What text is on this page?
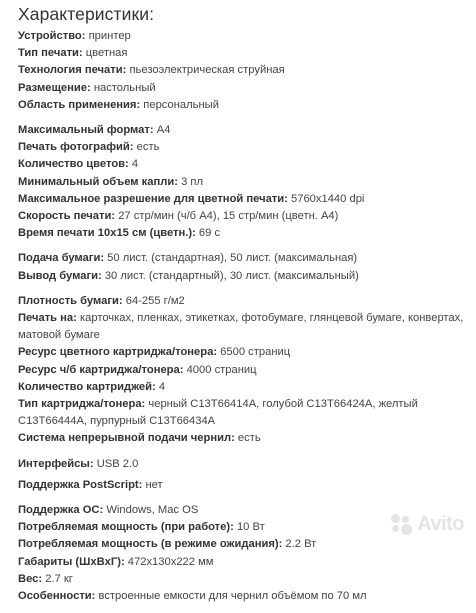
Характеристики:
Устройство: принтер
Тип печати: цветная
Технология печати: пьезоэлектрическая струйная
Размещение: настольный
Область применения: персональный
Максимальный формат: A4
Печать фотографий: есть
Количество цветов: 4
Минимальный объем капли: 3 пл
Максимальное разрешение для цветной печати: 5760x1440 dpi
Скорость печати: 27 стр/мин (ч/б А4), 15 стр/мин (цветн. А4)
Время печати 10x15 см (цветн.): 69 с
Подача бумаги: 50 лист. (стандартная), 50 лист. (максимальная)
Вывод бумаги: 30 лист. (стандартный), 30 лист. (максимальный)
Плотность бумаги: 64-255 г/м2
Печать на: карточках, пленках, этикетках, фотобумаге, глянцевой бумаге, конвертах, матовой бумаге
Ресурс цветного картриджа/тонера: 6500 страниц
Ресурс ч/б картриджа/тонера: 4000 страниц
Количество картриджей: 4
Тип картриджа/тонера: черный C13T66414A, голубой C13T66424A, желтый C13T66444A, пурпурный C13T66434A
Система непрерывной подачи чернил: есть
Интерфейсы: USB 2.0
Поддержка PostScript: нет
Поддержка ОС: Windows, Mac OS
Потребляемая мощность (при работе): 10 Вт
Потребляемая мощность (в режиме ожидания): 2.2 Вт
Габариты (ШxВxГ): 472x130x222 мм
Вес: 2.7 кг
Особенности: встроенные емкости для чернил объёмом по 70 мл
Avito
